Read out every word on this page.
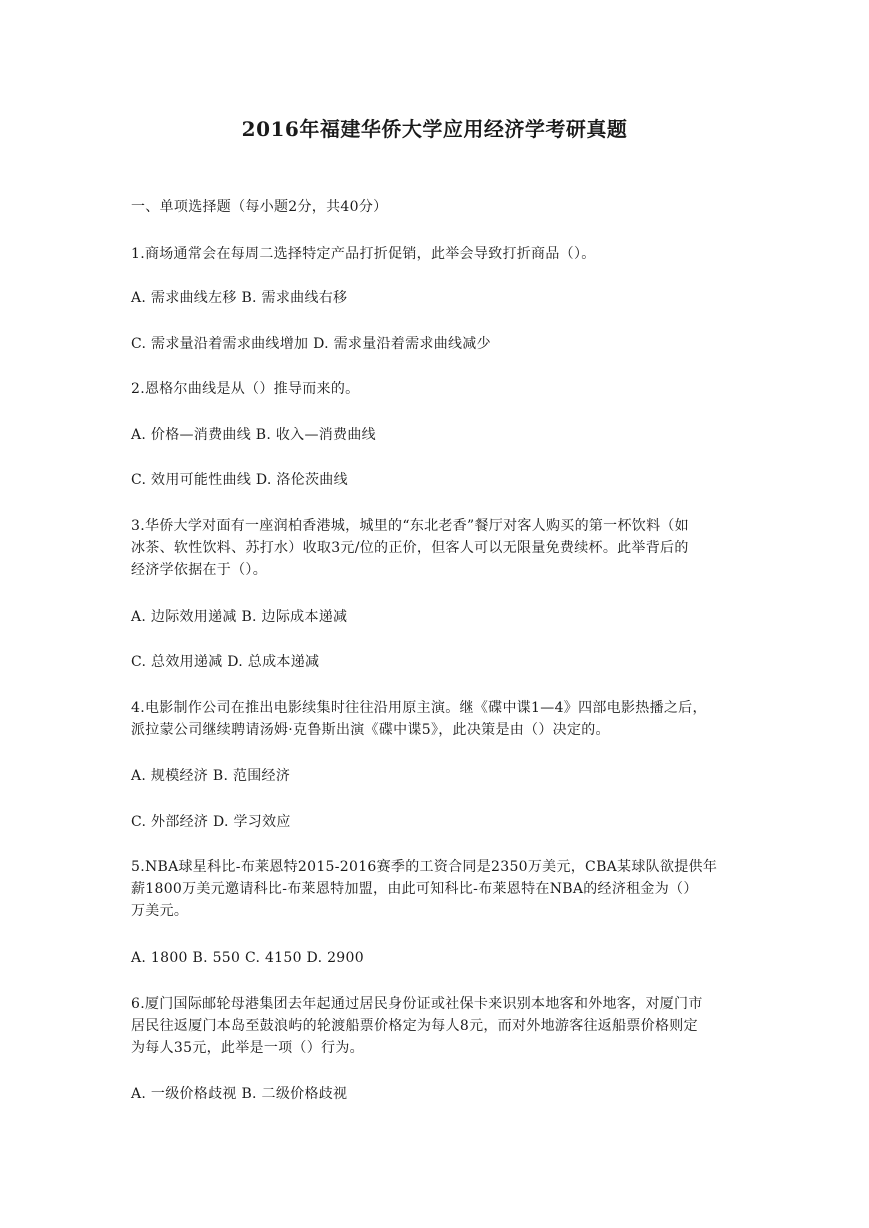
2016年福建华侨大学应用经济学考研真题
一、单项选择题（每小题2分，共40分）
1.商场通常会在每周二选择特定产品打折促销，此举会导致打折商品（）。
A. 需求曲线左移 B. 需求曲线右移
C. 需求量沿着需求曲线增加 D. 需求量沿着需求曲线减少
2.恩格尔曲线是从（）推导而来的。
A. 价格—消费曲线 B. 收入—消费曲线
C. 效用可能性曲线 D. 洛伦茨曲线
3.华侨大学对面有一座润柏香港城，城里的“东北老香”餐厅对客人购买的第一杯饮料（如
冰茶、软性饮料、苏打水）收取3元/位的正价，但客人可以无限量免费续杯。此举背后的
经济学依据在于（）。
A. 边际效用递减 B. 边际成本递减
C. 总效用递减 D. 总成本递减
4.电影制作公司在推出电影续集时往往沿用原主演。继《碟中谍1—4》四部电影热播之后，
派拉蒙公司继续聘请汤姆·克鲁斯出演《碟中谍5》，此决策是由（）决定的。
A. 规模经济 B. 范围经济
C. 外部经济 D. 学习效应
5.NBA球星科比-布莱恩特2015-2016赛季的工资合同是2350万美元，CBA某球队欲提供年
薪1800万美元邀请科比-布莱恩特加盟，由此可知科比-布莱恩特在NBA的经济租金为（）
万美元。
A. 1800 B. 550 C. 4150 D. 2900
6.厦门国际邮轮母港集团去年起通过居民身份证或社保卡来识别本地客和外地客，对厦门市
居民往返厦门本岛至鼓浪屿的轮渡船票价格定为每人8元，而对外地游客往返船票价格则定
为每人35元，此举是一项（）行为。
A. 一级价格歧视 B. 二级价格歧视
